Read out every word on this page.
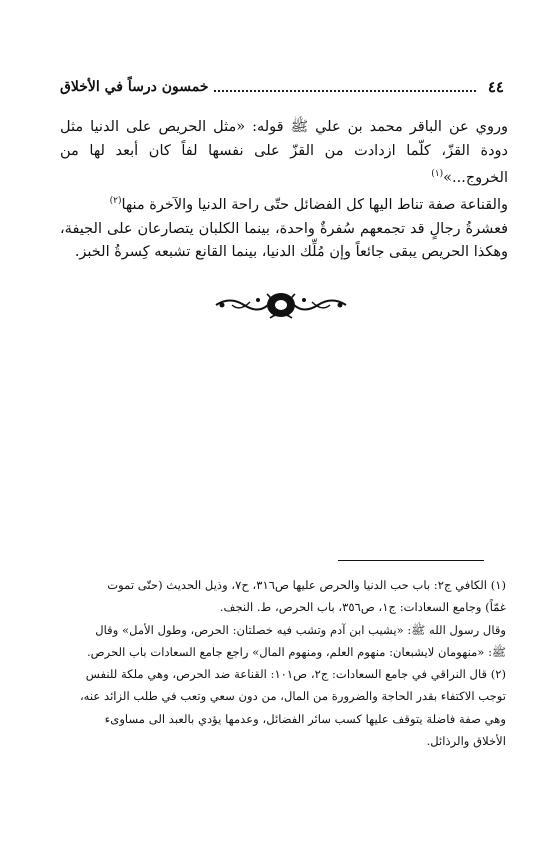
٤٤
خمسون درساً في الأخلاق

وروي عن الباقر محمد بن علي ﷺ قوله: «مثل الحريص على الدنيا مثل دودة القزّ، كلّما ازدادت من القزّ على نفسها لفاً كان أبعد لها من الخروج...»$^{(١)}$

والقناعة صفة تناط اليها كل الفضائل حتّى راحة الدنيا والآخرة منها$^{(٢)}$

فعشرةُ رجالٍ قد تجمعهم سُفرةٌ واحدة، بينما الكلبان يتصارعان على الجيفة، وهكذا الحريص يبقى جائعاً وإن مُلِّك الدنيا، بينما القانع تشبعه كِسرةُ الخبز.

(١) الكافي ج٢: باب حب الدنيا والحرص عليها ص٣١٦، ح٧، وذيل الحديث (حتّى تموت

غمّاً) وجامع السعادات: ج١، ص٣٥٦، باب الحرص، ط. النجف.

وقال رسول الله ﷺ: «يشيب ابن آدم وتشب فيه خصلتان: الحرص، وطول الأمل» وقال

ﷺ: «منهومان لايشبعان: منهوم العلم، ومنهوم المال» راجع جامع السعادات باب الحرص.

(٢) قال النراقي في جامع السعادات: ج٢، ص١٠١: القناعة ضد الحرص، وهي ملكة للنفس

توجب الاكتفاء بقدر الحاجة والضرورة من المال، من دون سعي وتعب في طلب الزائد عنه،

وهي صفة فاضلة يتوقف عليها كسب سائر الفضائل، وعدمها يؤدي بالعبد الى مساوىء

الأخلاق والرذائل.
